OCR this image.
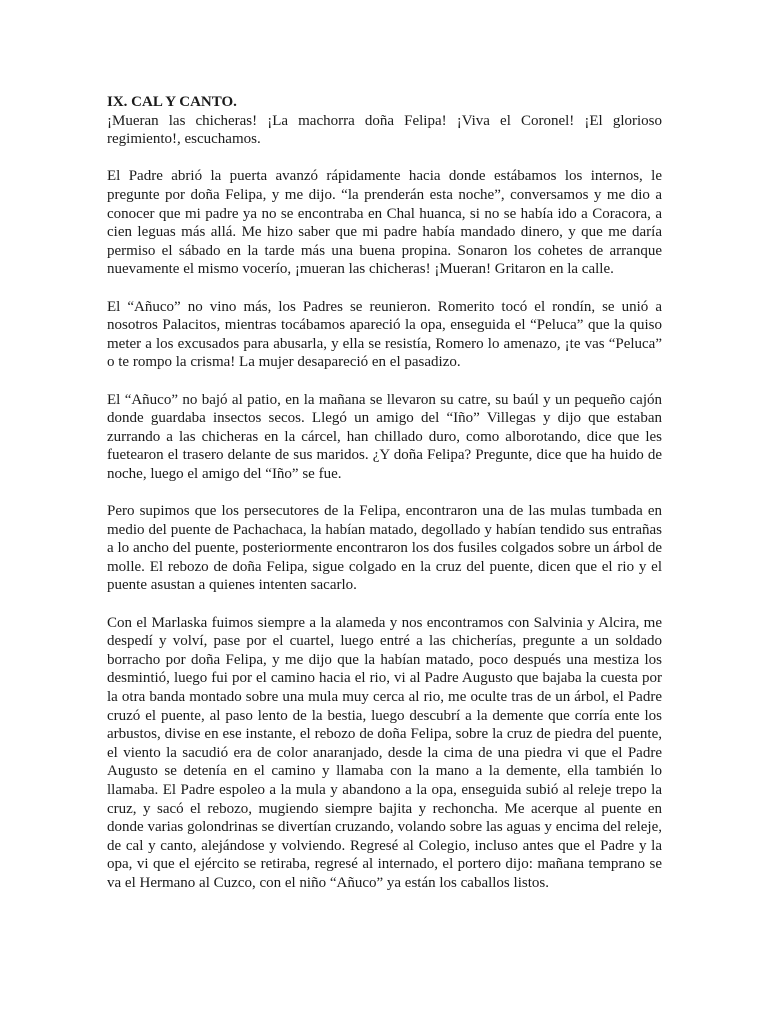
IX. CAL Y CANTO.

¡Mueran las chicheras! ¡La machorra doña Felipa! ¡Viva el Coronel! ¡El glorioso regimiento!, escuchamos.

El Padre abrió la puerta avanzó rápidamente hacia donde estábamos los internos, le pregunte por doña Felipa, y me dijo. “la prenderán esta noche”, conversamos y me dio a conocer que mi padre ya no se encontraba en Chal huanca, si no se había ido a Coracora, a cien leguas más allá. Me hizo saber que mi padre había mandado dinero, y que me daría permiso el sábado en la tarde más una buena propina. Sonaron los cohetes de arranque nuevamente el mismo vocerío, ¡mueran las chicheras! ¡Mueran! Gritaron en la calle.

El “Añuco” no vino más, los Padres se reunieron. Romerito tocó el rondín, se unió a nosotros Palacitos, mientras tocábamos apareció la opa, enseguida el “Peluca” que la quiso meter a los excusados para abusarla, y ella se resistía, Romero lo amenazo, ¡te vas “Peluca” o te rompo la crisma! La mujer desapareció en el pasadizo.

El “Añuco” no bajó al patio, en la mañana se llevaron su catre, su baúl y un pequeño cajón donde guardaba insectos secos. Llegó un amigo del “Iño” Villegas y dijo que estaban zurrando a las chicheras en la cárcel, han chillado duro, como alborotando, dice que les fuetearon el trasero delante de sus maridos. ¿Y doña Felipa? Pregunte, dice que ha huido de noche, luego el amigo del “Iño” se fue.

Pero supimos que los persecutores de la Felipa, encontraron una de las mulas tumbada en medio del puente de Pachachaca, la habían matado, degollado y habían tendido sus entrañas a lo ancho del puente, posteriormente encontraron los dos fusiles colgados sobre un árbol de molle. El rebozo de doña Felipa, sigue colgado en la cruz del puente, dicen que el rio y el puente asustan a quienes intenten sacarlo.

Con el Marlaska fuimos siempre a la alameda y nos encontramos con Salvinia y Alcira, me despedí y volví, pase por el cuartel, luego entré a las chicherías, pregunte a un soldado borracho por doña Felipa, y me dijo que la habían matado, poco después una mestiza los desmintió, luego fui por el camino hacia el rio, vi al Padre Augusto que bajaba la cuesta por la otra banda montado sobre una mula muy cerca al rio, me oculte tras de un árbol, el Padre cruzó el puente, al paso lento de la bestia, luego descubrí a la demente que corría ente los arbustos, divise en ese instante, el rebozo de doña Felipa, sobre la cruz de piedra del puente, el viento la sacudió era de color anaranjado, desde la cima de una piedra vi que el Padre Augusto se detenía en el camino y llamaba con la mano a la demente, ella también lo llamaba. El Padre espoleo a la mula y abandono a la opa, enseguida subió al releje trepo la cruz, y sacó el rebozo, mugiendo siempre bajita y rechoncha. Me acerque al puente en donde varias golondrinas se divertían cruzando, volando sobre las aguas y encima del releje, de cal y canto, alejándose y volviendo. Regresé al Colegio, incluso antes que el Padre y la opa, vi que el ejército se retiraba, regresé al internado, el portero dijo: mañana temprano se va el Hermano al Cuzco, con el niño “Añuco” ya están los caballos listos.
